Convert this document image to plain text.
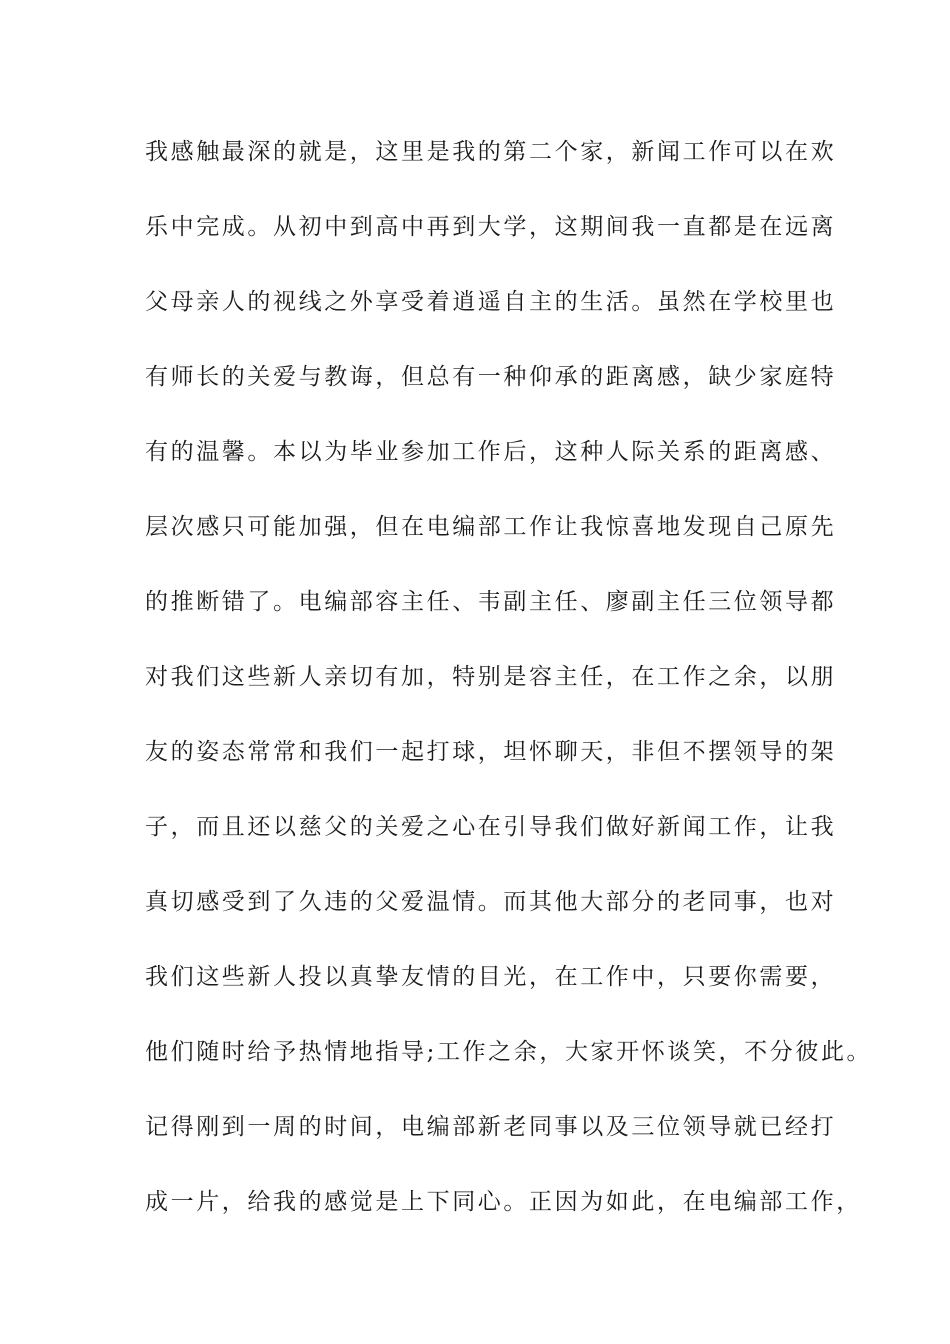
我感触最深的就是，这里是我的第二个家，新闻工作可以在欢
乐中完成。从初中到高中再到大学，这期间我一直都是在远离
父母亲人的视线之外享受着逍遥自主的生活。虽然在学校里也
有师长的关爱与教诲，但总有一种仰承的距离感，缺少家庭特
有的温馨。本以为毕业参加工作后，这种人际关系的距离感、
层次感只可能加强，但在电编部工作让我惊喜地发现自己原先
的推断错了。电编部容主任、韦副主任、廖副主任三位领导都
对我们这些新人亲切有加，特别是容主任，在工作之余，以朋
友的姿态常常和我们一起打球，坦怀聊天，非但不摆领导的架
子，而且还以慈父的关爱之心在引导我们做好新闻工作，让我
真切感受到了久违的父爱温情。而其他大部分的老同事，也对
我们这些新人投以真挚友情的目光，在工作中，只要你需要，
他们随时给予热情地指导;工作之余，大家开怀谈笑，不分彼此。
记得刚到一周的时间，电编部新老同事以及三位领导就已经打
成一片，给我的感觉是上下同心。正因为如此，在电编部工作，
